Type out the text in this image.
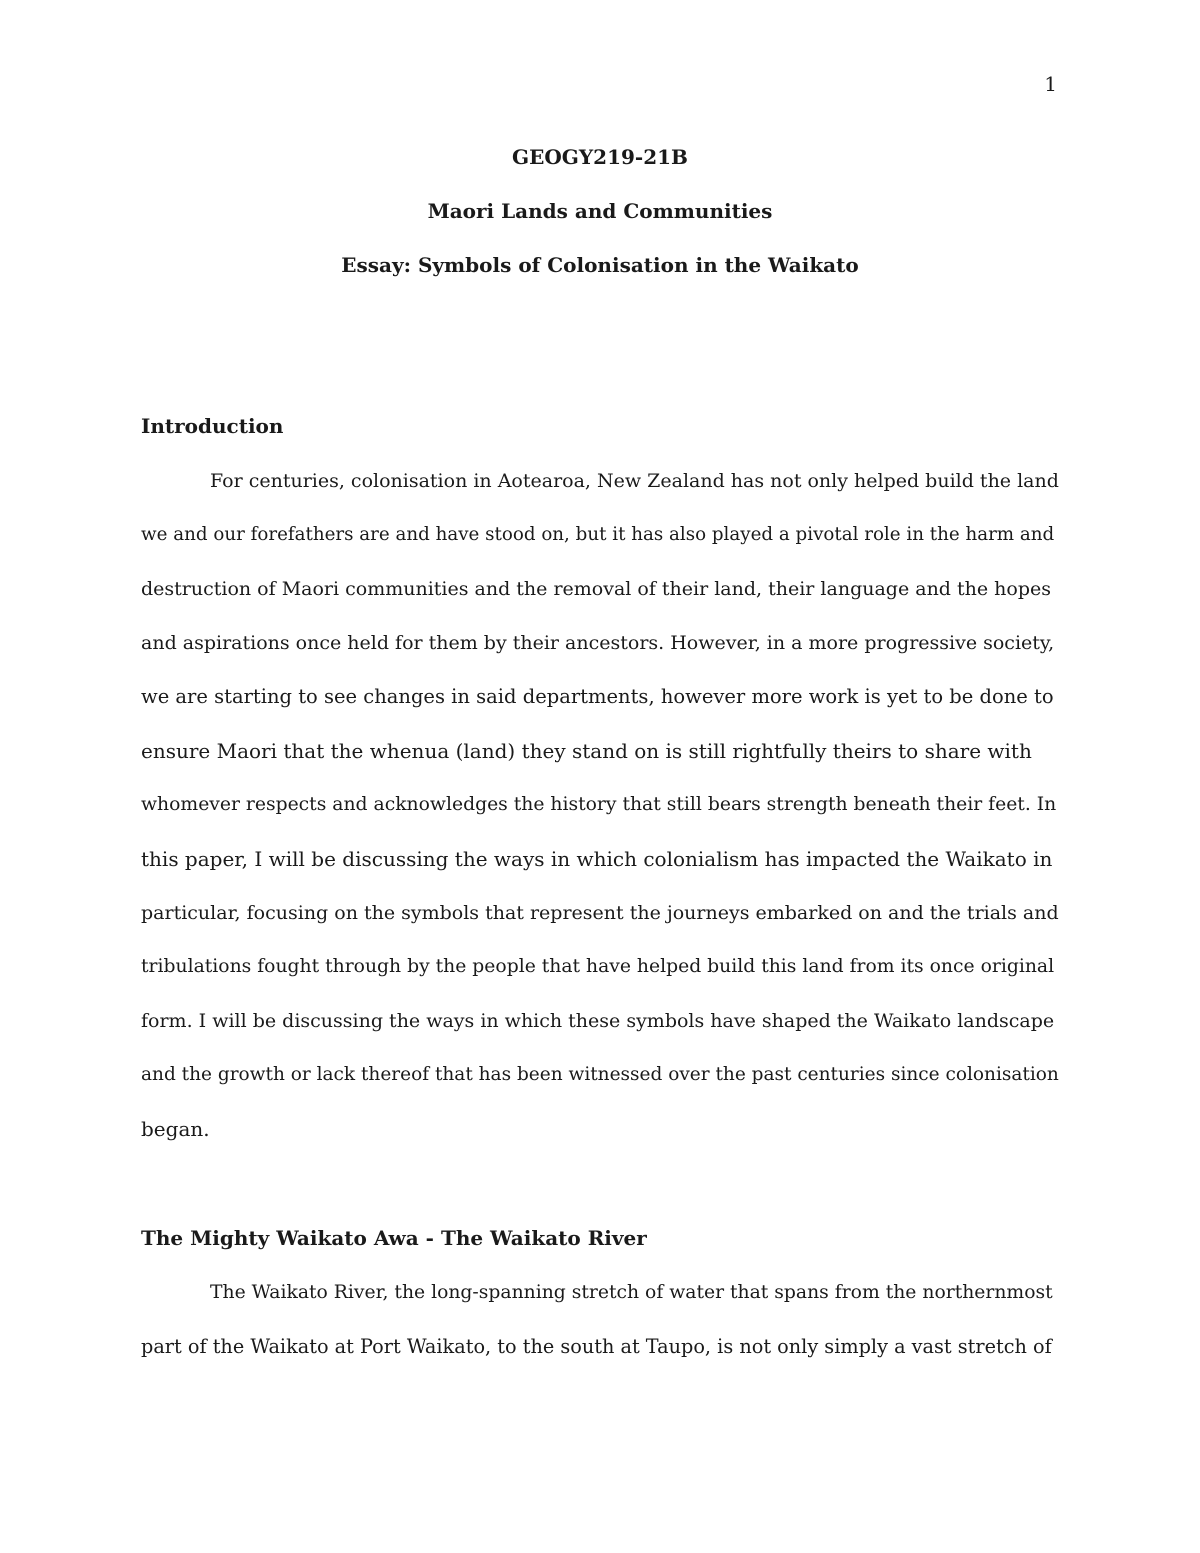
1
GEOGY219-21B
Maori Lands and Communities
Essay: Symbols of Colonisation in the Waikato
Introduction
For centuries, colonisation in Aotearoa, New Zealand has not only helped build the land
we and our forefathers are and have stood on, but it has also played a pivotal role in the harm and
destruction of Maori communities and the removal of their land, their language and the hopes
and aspirations once held for them by their ancestors. However, in a more progressive society,
we are starting to see changes in said departments, however more work is yet to be done to
ensure Maori that the whenua (land) they stand on is still rightfully theirs to share with
whomever respects and acknowledges the history that still bears strength beneath their feet. In
this paper, I will be discussing the ways in which colonialism has impacted the Waikato in
particular, focusing on the symbols that represent the journeys embarked on and the trials and
tribulations fought through by the people that have helped build this land from its once original
form. I will be discussing the ways in which these symbols have shaped the Waikato landscape
and the growth or lack thereof that has been witnessed over the past centuries since colonisation
began.
The Mighty Waikato Awa - The Waikato River
The Waikato River, the long-spanning stretch of water that spans from the northernmost
part of the Waikato at Port Waikato, to the south at Taupo, is not only simply a vast stretch of
